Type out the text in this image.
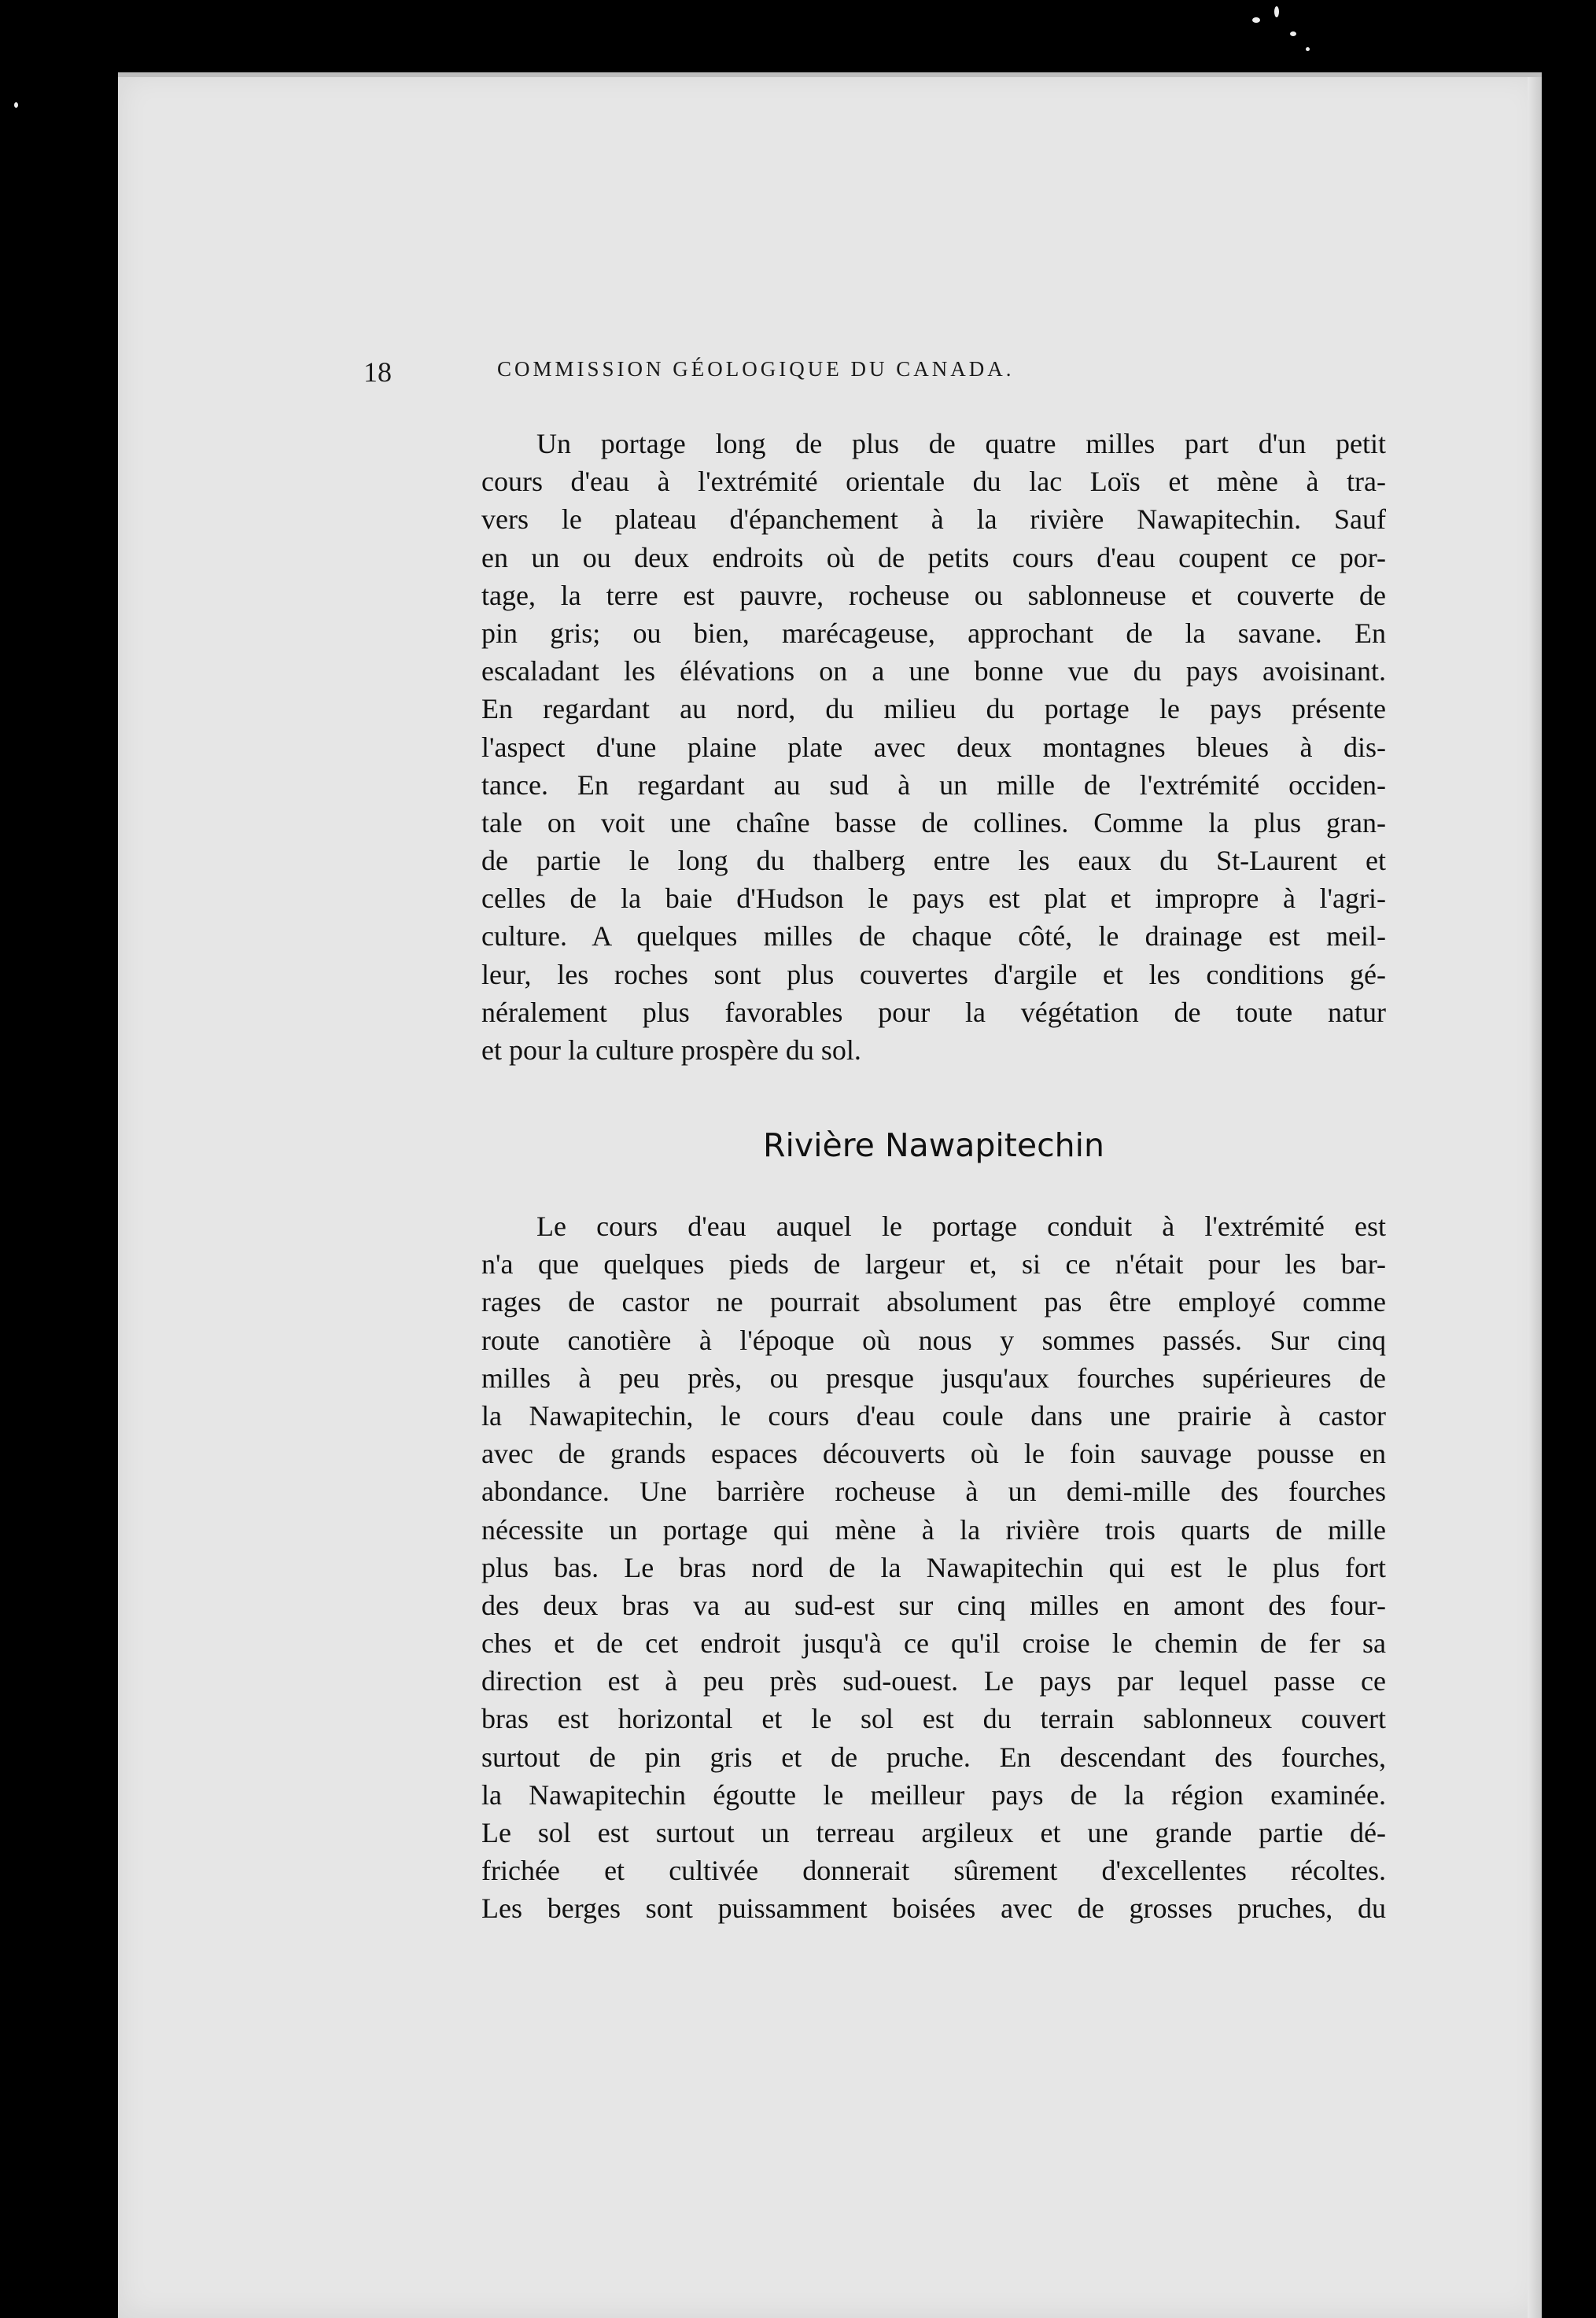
18	COMMISSION GÉOLOGIQUE DU CANADA.
Un portage long de plus de quatre milles part d'un petit
cours d'eau à l'extrémité orientale du lac Loïs et mène à tra-
vers le plateau d'épanchement à la rivière Nawapitechin. Sauf
en un ou deux endroits où de petits cours d'eau coupent ce por-
tage, la terre est pauvre, rocheuse ou sablonneuse et couverte de
pin gris; ou bien, marécageuse, approchant de la savane. En
escaladant les élévations on a une bonne vue du pays avoisinant.
En regardant au nord, du milieu du portage le pays présente
l'aspect d'une plaine plate avec deux montagnes bleues à dis-
tance. En regardant au sud à un mille de l'extrémité occiden-
tale on voit une chaîne basse de collines. Comme la plus gran-
de partie le long du thalberg entre les eaux du St-Laurent et
celles de la baie d'Hudson le pays est plat et impropre à l'agri-
culture. A quelques milles de chaque côté, le drainage est meil-
leur, les roches sont plus couvertes d'argile et les conditions gé-
néralement plus favorables pour la végétation de toute natur
et pour la culture prospère du sol.
Rivière Nawapitechin
Le cours d'eau auquel le portage conduit à l'extrémité est
n'a que quelques pieds de largeur et, si ce n'était pour les bar-
rages de castor ne pourrait absolument pas être employé comme
route canotière à l'époque où nous y sommes passés. Sur cinq
milles à peu près, ou presque jusqu'aux fourches supérieures de
la Nawapitechin, le cours d'eau coule dans une prairie à castor
avec de grands espaces découverts où le foin sauvage pousse en
abondance. Une barrière rocheuse à un demi-mille des fourches
nécessite un portage qui mène à la rivière trois quarts de mille
plus bas. Le bras nord de la Nawapitechin qui est le plus fort
des deux bras va au sud-est sur cinq milles en amont des four-
ches et de cet endroit jusqu'à ce qu'il croise le chemin de fer sa
direction est à peu près sud-ouest. Le pays par lequel passe ce
bras est horizontal et le sol est du terrain sablonneux couvert
surtout de pin gris et de pruche. En descendant des fourches,
la Nawapitechin égoutte le meilleur pays de la région examinée.
Le sol est surtout un terreau argileux et une grande partie dé-
frichée et cultivée donnerait sûrement d'excellentes récoltes.
Les berges sont puissamment boisées avec de grosses pruches, du
